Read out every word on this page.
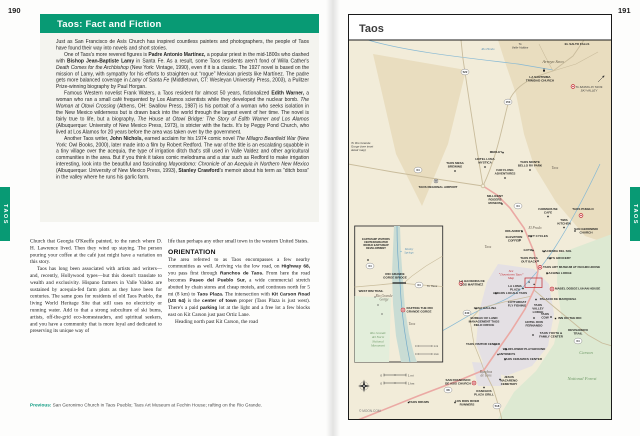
190
TAOS
Taos: Fact and Fiction

Just as San Francisco de Asís Church has inspired countless painters and photographers, the people of Taos have found their way into novels and short stories.

One of Taos's more revered figures is Padre Antonio Martínez, a popular priest in the mid-1800s who clashed with Bishop Jean-Baptiste Lamy in Santa Fe. As a result, some Taos residents aren't fond of Willa Cather's Death Comes for the Archbishop (New York: Vintage, 1990), even if it is a classic. The 1927 novel is based on the mission of Lamy, with sympathy for his efforts to straighten out “rogue” Mexican priests like Martínez. The padre gets more balanced coverage in Lamy of Santa Fe (Middletown, CT: Wesleyan University Press, 2003), a Pulitzer Prize-winning biography by Paul Horgan.

Famous Western novelist Frank Waters, a Taos resident for almost 50 years, fictionalized Edith Warner, a woman who ran a small café frequented by Los Alamos scientists while they developed the nuclear bomb. The Woman at Otowi Crossing (Athens, OH: Swallow Press, 1987) is his portrait of a woman who seeks isolation in the New Mexico wilderness but is drawn back into the world through the largest event of her time. The novel is fairly true to life, but a biography, The House at Otowi Bridge: The Story of Edith Warner and Los Alamos (Albuquerque: University of New Mexico Press, 1973), is stricter with the facts. It's by Peggy Pond Church, who lived at Los Alamos for 20 years before the area was taken over by the government.

Another Taos writer, John Nichols, earned acclaim for his 1974 comic novel The Milagro Beanfield War (New York: Owl Books, 2000), later made into a film by Robert Redford. The war of the title is an escalating squabble in a tiny village over the acequia, the type of irrigation ditch that's still used in Valle Valdez and other agricultural communities in the area. But if you think it takes comic melodrama and a star such as Redford to make irrigation interesting, look into the beautiful and fascinating Mayordomo: Chronicle of an Acequia in Northern New Mexico (Albuquerque: University of New Mexico Press, 1993), Stanley Crawford's memoir about his term as “ditch boss” in the valley where he runs his garlic farm.

Church that Georgia O'Keeffe painted, to the ranch where D. H. Lawrence lived. Then they wind up staying. The person pouring your coffee at the café just might have a variation on this story.

Taos has long been associated with artists and writers—and, recently, Hollywood types—but this doesn't translate to wealth and exclusivity. Hispano farmers in Valle Valdez are sustained by acequia-fed farm plots as they have been for centuries. The same goes for residents of old Taos Pueblo, the living World Heritage Site that still uses no electricity or running water. Add to that a strong subculture of ski bums, artists, off-the-grid eco-homesteaders, and spiritual seekers, and you have a community that is more loyal and dedicated to preserving its unique way of

life than perhaps any other small town in the western United States.

ORIENTATION

The area referred to as Taos encompasses a few nearby communities as well. Arriving via the low road, on Highway 68, you pass first through Ranchos de Taos. From here the road becomes Paseo del Pueblo Sur, a wide commercial stretch abutted by chain stores and cheap motels, and continues north for 5 mi (8 km) to Taos Plaza. The intersection with Kit Carson Road (US 64) is the center of town proper (Taos Plaza is just west). There's a paid parking lot at the light and a free lot a few blocks east on Kit Carson just past Ortiz Lane.

Heading north past Kit Carson, the road

Previous: San Geronimo Church in Taos Pueblo; Taos Art Museum at Fechin House; rafting on the Rio Grande.
191
TAOS
64
150
522
64
64
68
518
240
64
64
EL SALTO FALLS
To Valle Valdez
Rio Hondo
Arroyo Seco
LA SANTISIMA TRINIDAD CHURCH
To SKIING IN TAOS SKI VALLEY
MEDLEY
FAR FLUNG ADVENTURES
Taos
To Rio Grande Gorge (see inset detail map)
TAOS MESA BREWING
HOTEL LUNA MYSTICA	TAOS MONTE BELLO RV PARK
TAOS REGIONAL AIRPORT
MILLICENT ROGERS MUSEUM
FARMHOUSE CAFE
TAOS PUEBLO
TIWA KITCHEN
SAN GERONIMO CHURCH
El Prado
ORLANDO'S
ELEVATION COFFEE
RIFT CYCLES
GUTIZ	HACIENDA DEL SOL
TAOS PIZZA OUT BACK
CID'S GROCERY
TAOS ART MUSEUM AT FECHIN HOUSE
KACHINA LODGE
See “Downtown Taos” Map
LA LOMA PLAZA	MABEL DODGE LUHAN HOUSE
LA HACIENDA DE LOS MARTINEZ
AMIGOS LOCALE TAOS
PALACIO DE MARQUESA
CUTTHROAT FLY FISHING	TAOS VALLEY LODGE
TAOS COW	INN ON THE RIO
CASA GALLINA
BUREAU OF LAND MANAGEMENT TAOS FIELD OFFICE
HOTEL DON FERNANDO
DEVISADERO TRAIL
TAOS YOUTH & FAMILY CENTER
Taos
TAOS VISITOR CENTER
WILDFLOWER PLAYGROUND
ANTONIO'S
TAOS CERAMICS CENTER
Carson
National Forest
TAOS DRUMS
SAN FRANCISCO DE ASIS CHURCH
Ranchos de Taos	JESUS NAZARENO CEMETERY
RANCHOS PLAZA GRILL
LOS RIOS RIVER RUNNERS
© MOON.COM
0	1 mi
0	1 km
EARTHSHIP VISITORS CENTER/GREATER WORLD EARTHSHIP DEVELOPMENT	Manby Springs
RIO GRANDE GORGE BRIDGE
WEST RIM TRAIL
To Taos
Rio Grande Gorge
RAFTING THE RIO GRANDE GORGE
Taos
Rio Grande del Norte National Monument	0	1 mi
0	1 km
Taos
